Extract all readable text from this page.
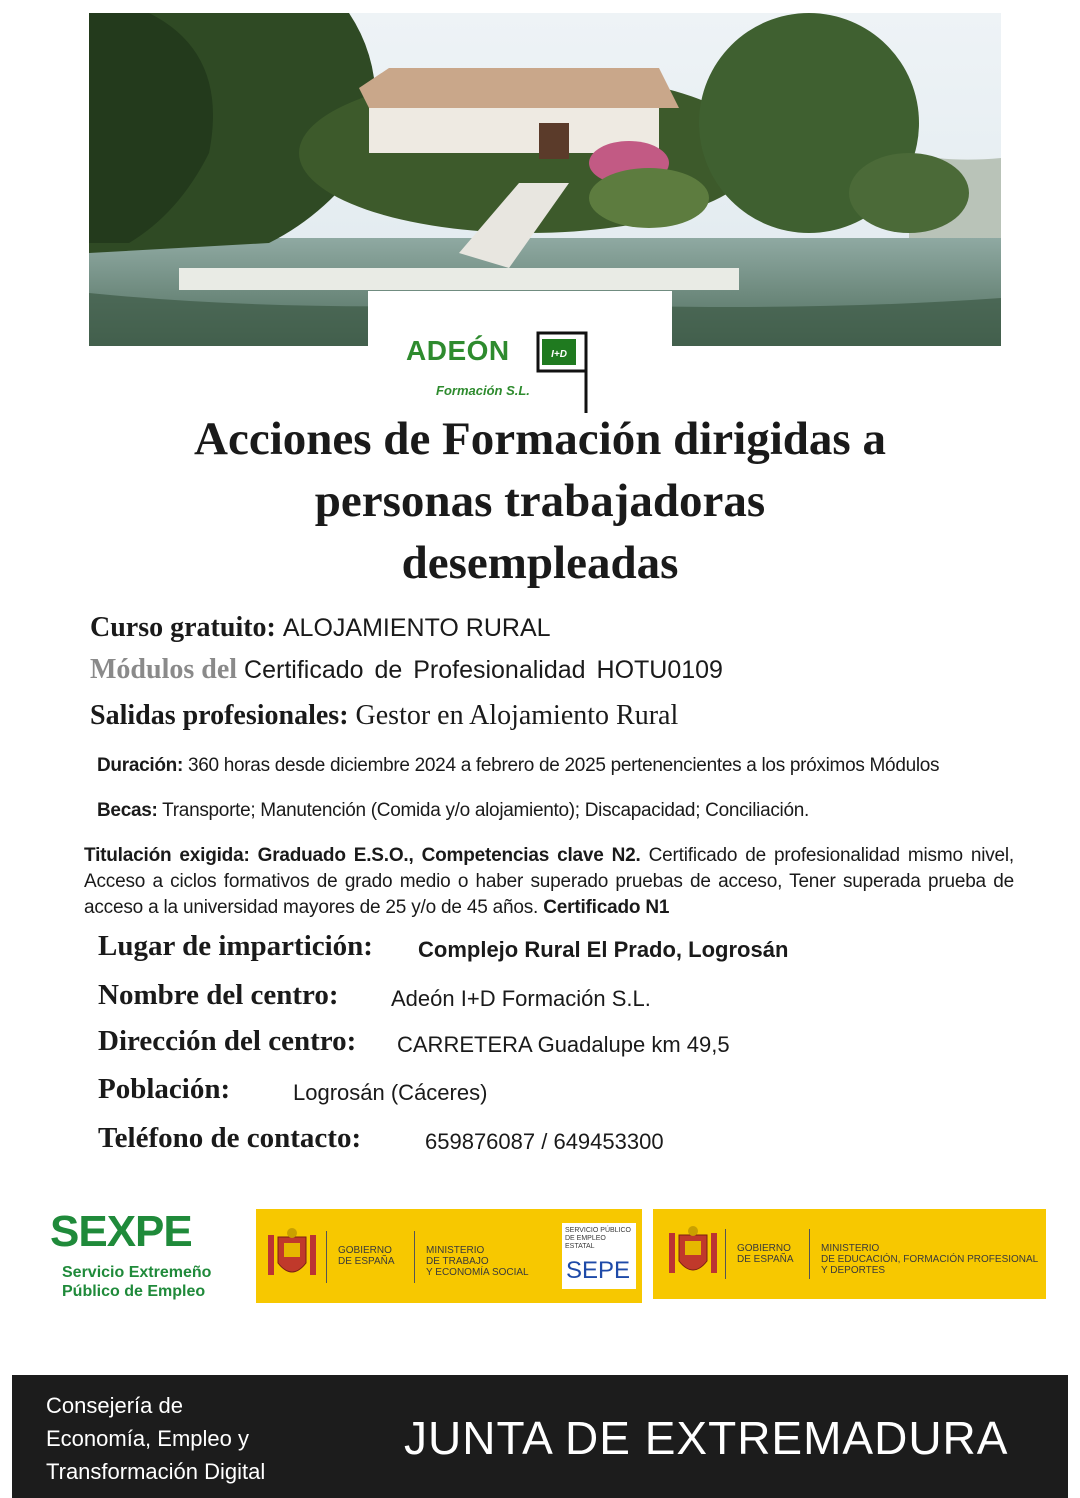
ADEÓN	I+D
Formación S.L.
Acciones de Formación dirigidas a
personas trabajadoras
desempleadas
Curso gratuito: ALOJAMIENTO RURAL
Módulos del Certificado de Profesionalidad HOTU0109
Salidas profesionales: Gestor en Alojamiento Rural
Duración: 360 horas desde diciembre 2024 a febrero de 2025 pertenencientes a los próximos Módulos
Becas: Transporte; Manutención (Comida y/o alojamiento); Discapacidad; Conciliación.
Titulación exigida: Graduado E.S.O., Competencias clave N2. Certificado de profesionalidad mismo nivel, Acceso a ciclos formativos de grado medio o haber superado pruebas de acceso, Tener superada prueba de acceso a la universidad mayores de 25 y/o de 45 años. Certificado N1
Lugar de impartición: Complejo Rural El Prado, Logrosán
Nombre del centro: Adeón I+D Formación S.L.
Dirección del centro: CARRETERA Guadalupe km 49,5
Población:	Logrosán (Cáceres)
Teléfono de contacto:	659876087 / 649453300
SEXPE
Servicio Extremeño
Público de Empleo
GOBIERNO
DE ESPAÑA
MINISTERIO
DE TRABAJO
Y ECONOMÍA SOCIAL
SERVICIO PÚBLICO
DE EMPLEO ESTATAL
SEPE
GOBIERNO
DE ESPAÑA
MINISTERIO
DE EDUCACIÓN, FORMACIÓN PROFESIONAL
Y DEPORTES
Consejería de
Economía, Empleo y
Transformación Digital
JUNTA DE EXTREMADURA
